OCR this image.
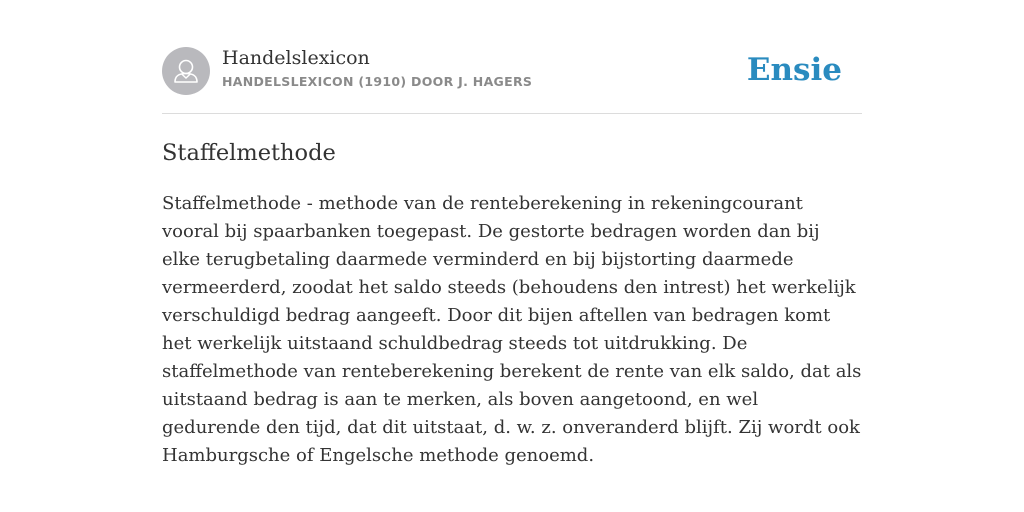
Handelslexicon
HANDELSLEXICON (1910) DOOR J. HAGERS	Ensie
Staffelmethode

Staffelmethode - methode van de renteberekening in rekeningcourant vooral bij spaarbanken toegepast. De gestorte bedragen worden dan bij elke terugbetaling daarmede verminderd en bij bijstorting daarmede vermeerderd, zoodat het saldo steeds (behoudens den intrest) het werkelijk verschuldigd bedrag aangeeft. Door dit bijen aftellen van bedragen komt het werkelijk uitstaand schuldbedrag steeds tot uitdrukking. De staffelmethode van renteberekening berekent de rente van elk saldo, dat als uitstaand bedrag is aan te merken, als boven aangetoond, en wel gedurende den tijd, dat dit uitstaat, d. w. z. onveranderd blijft. Zij wordt ook Hamburgsche of Engelsche methode genoemd.
